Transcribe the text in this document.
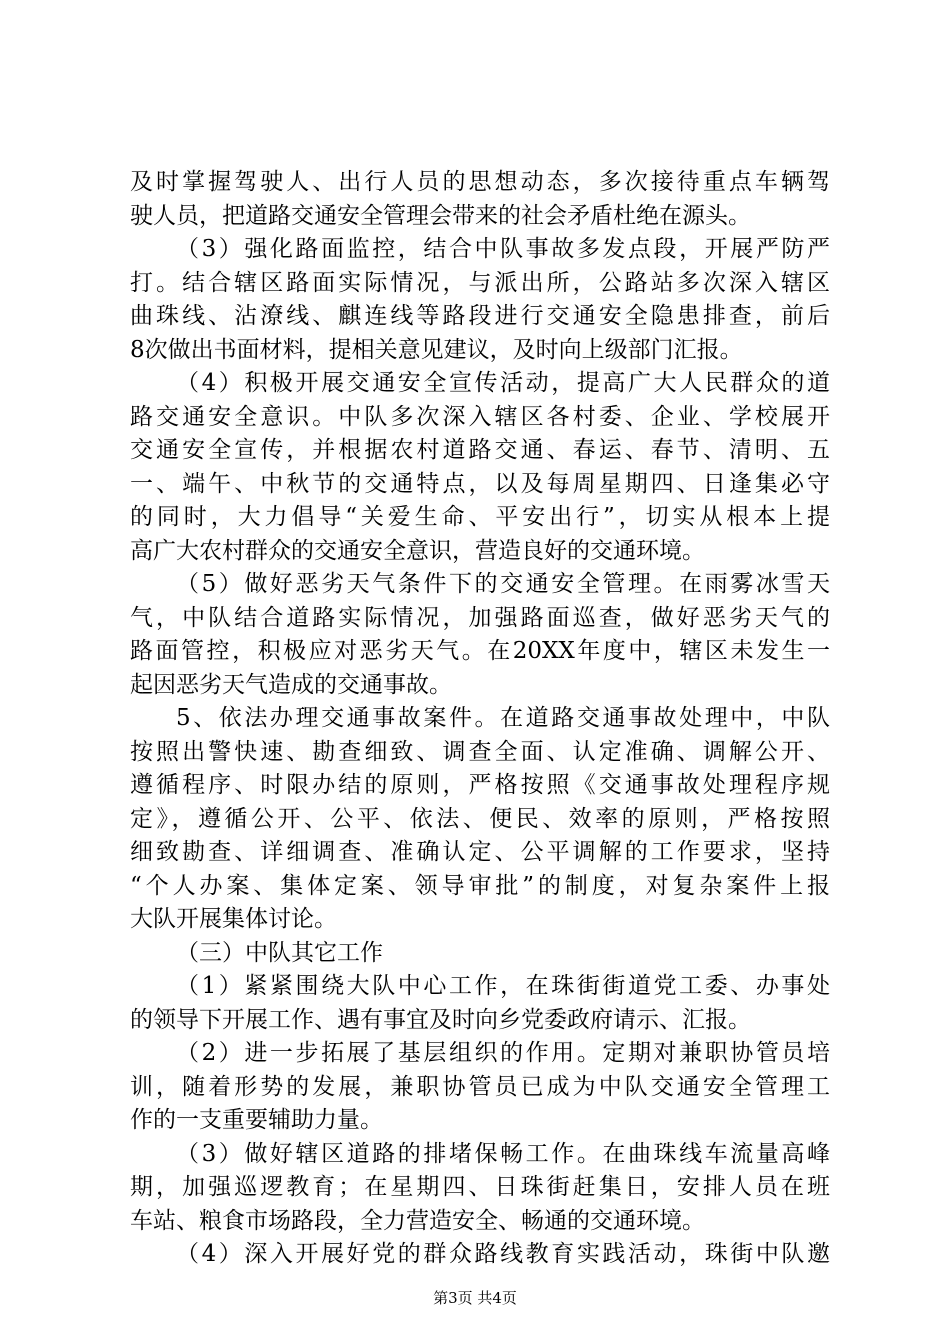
及时掌握驾驶人、出行人员的思想动态，多次接待重点车辆驾
驶人员，把道路交通安全管理会带来的社会矛盾杜绝在源头。
（3）强化路面监控，结合中队事故多发点段，开展严防严
打。结合辖区路面实际情况，与派出所，公路站多次深入辖区
曲珠线、沾潦线、麒连线等路段进行交通安全隐患排查，前后
8次做出书面材料，提相关意见建议，及时向上级部门汇报。
（4）积极开展交通安全宣传活动，提高广大人民群众的道
路交通安全意识。中队多次深入辖区各村委、企业、学校展开
交通安全宣传，并根据农村道路交通、春运、春节、清明、五
一、端午、中秋节的交通特点，以及每周星期四、日逢集必守
的同时，大力倡导“关爱生命、平安出行”，切实从根本上提
高广大农村群众的交通安全意识，营造良好的交通环境。
（5）做好恶劣天气条件下的交通安全管理。在雨雾冰雪天
气，中队结合道路实际情况，加强路面巡查，做好恶劣天气的
路面管控，积极应对恶劣天气。在20XX年度中，辖区未发生一
起因恶劣天气造成的交通事故。
5、依法办理交通事故案件。在道路交通事故处理中，中队
按照出警快速、勘查细致、调查全面、认定准确、调解公开、
遵循程序、时限办结的原则，严格按照《交通事故处理程序规
定》，遵循公开、公平、依法、便民、效率的原则，严格按照
细致勘查、详细调查、准确认定、公平调解的工作要求，坚持
“个人办案、集体定案、领导审批”的制度，对复杂案件上报
大队开展集体讨论。
（三）中队其它工作
（1）紧紧围绕大队中心工作，在珠街街道党工委、办事处
的领导下开展工作、遇有事宜及时向乡党委政府请示、汇报。
（2）进一步拓展了基层组织的作用。定期对兼职协管员培
训，随着形势的发展，兼职协管员已成为中队交通安全管理工
作的一支重要辅助力量。
（3）做好辖区道路的排堵保畅工作。在曲珠线车流量高峰
期，加强巡逻教育；在星期四、日珠街赶集日，安排人员在班
车站、粮食市场路段，全力营造安全、畅通的交通环境。
（4）深入开展好党的群众路线教育实践活动，珠街中队邀
第3页 共4页
